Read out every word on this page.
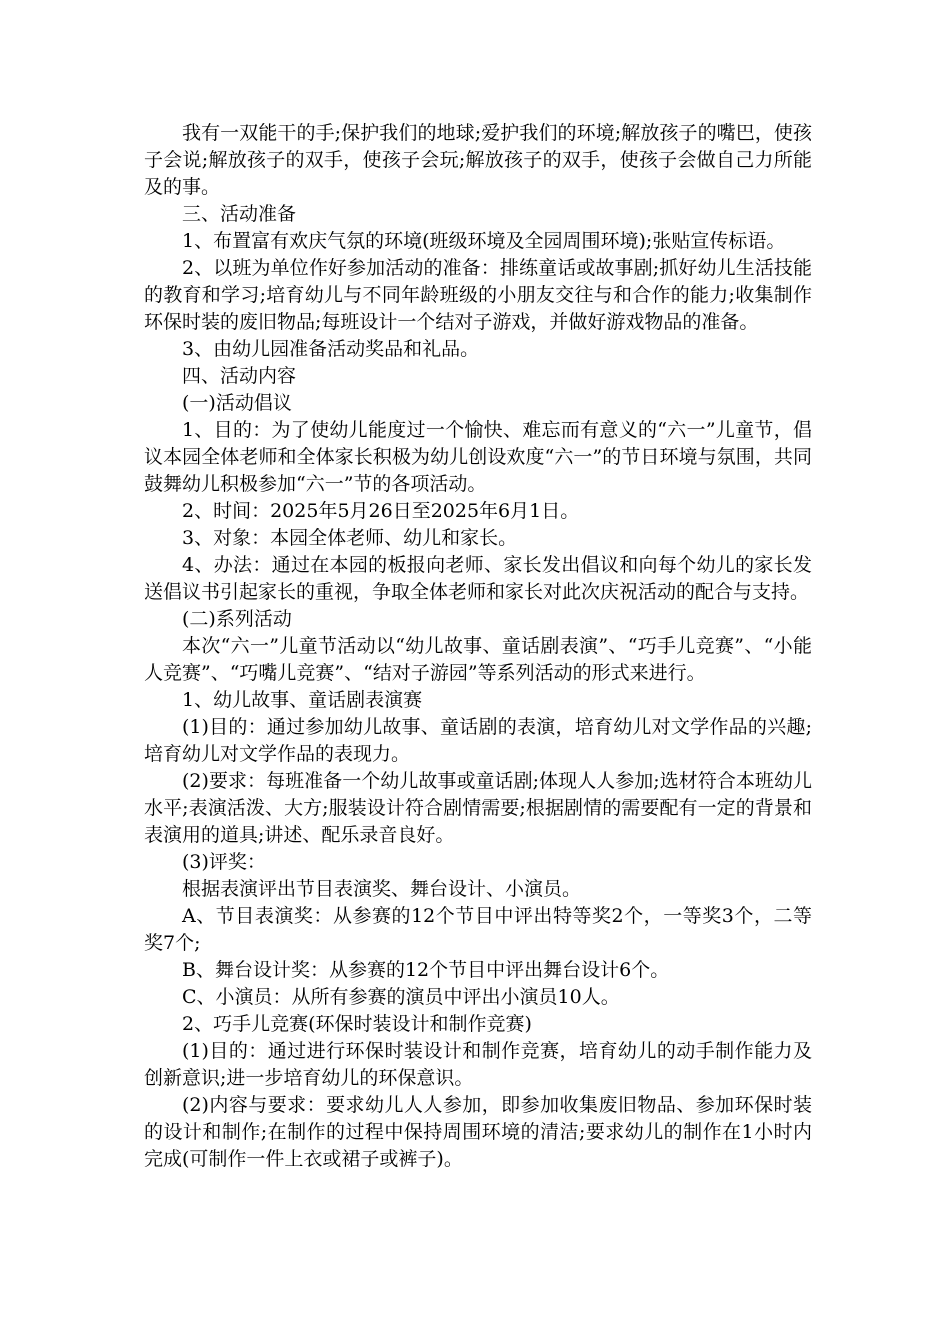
我有一双能干的手;保护我们的地球;爱护我们的环境;解放孩子的嘴巴，使孩子会说;解放孩子的双手，使孩子会玩;解放孩子的双手，使孩子会做自己力所能及的事。

三、活动准备

1、布置富有欢庆气氛的环境(班级环境及全园周围环境);张贴宣传标语。

2、以班为单位作好参加活动的准备：排练童话或故事剧;抓好幼儿生活技能的教育和学习;培育幼儿与不同年龄班级的小朋友交往与和合作的能力;收集制作环保时装的废旧物品;每班设计一个结对子游戏，并做好游戏物品的准备。

3、由幼儿园准备活动奖品和礼品。

四、活动内容

(一)活动倡议

1、目的：为了使幼儿能度过一个愉快、难忘而有意义的“六一”儿童节，倡议本园全体老师和全体家长积极为幼儿创设欢度“六一”的节日环境与氛围，共同鼓舞幼儿积极参加“六一”节的各项活动。

2、时间：2025年5月26日至2025年6月1日。

3、对象：本园全体老师、幼儿和家长。

4、办法：通过在本园的板报向老师、家长发出倡议和向每个幼儿的家长发送倡议书引起家长的重视，争取全体老师和家长对此次庆祝活动的配合与支持。

(二)系列活动

本次“六一”儿童节活动以“幼儿故事、童话剧表演”、“巧手儿竞赛”、“小能人竞赛”、“巧嘴儿竞赛”、“结对子游园”等系列活动的形式来进行。

1、幼儿故事、童话剧表演赛

(1)目的：通过参加幼儿故事、童话剧的表演，培育幼儿对文学作品的兴趣;培育幼儿对文学作品的表现力。

(2)要求：每班准备一个幼儿故事或童话剧;体现人人参加;选材符合本班幼儿水平;表演活泼、大方;服装设计符合剧情需要;根据剧情的需要配有一定的背景和表演用的道具;讲述、配乐录音良好。

(3)评奖：

根据表演评出节目表演奖、舞台设计、小演员。

A、节目表演奖：从参赛的12个节目中评出特等奖2个，一等奖3个，二等奖7个;

B、舞台设计奖：从参赛的12个节目中评出舞台设计6个。

C、小演员：从所有参赛的演员中评出小演员10人。

2、巧手儿竞赛(环保时装设计和制作竞赛)

(1)目的：通过进行环保时装设计和制作竞赛，培育幼儿的动手制作能力及创新意识;进一步培育幼儿的环保意识。

(2)内容与要求：要求幼儿人人参加，即参加收集废旧物品、参加环保时装的设计和制作;在制作的过程中保持周围环境的清洁;要求幼儿的制作在1小时内完成(可制作一件上衣或裙子或裤子)。
